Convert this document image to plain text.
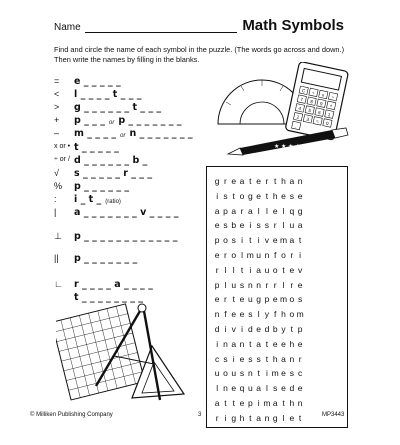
Name	Math Symbols
Find and circle the name of each symbol in the puzzle. (The words go across and down.) Then write the names by filling in the blanks.
=	e _ _ _ _ _
<	l _ _ _ _ t _ _ _
>	g _ _ _ _ _ _ t _ _ _
+	p _ _ _ or p _ _ _ _ _ _ _
–	m _ _ _ _ or n _ _ _ _ _ _ _
x or • t _ _ _ _ _
÷ or / d _ _ _ _ _ _ b _
√	s _ _ _ _ _ r _ _ _
%	p _ _ _ _ _ _
:	i _ t _ (ratio)
|	a _ _ _ _ _ _ _ v _ _ _ _
⊥	p _ _ _ _ _ _ _ _ _ _ _ _
||	p _ _ _ _ _ _ _
∟	r _ _ _ _ a _ _ _ _
t _ _ _ _ _ _ _ _
g r e a t e r t h a n
i s t o g e t h e s e
a p a r a l l e l q g
e s b e i s s r l u a
p o s i t i v e m a t
e r o l m u n f o r i
r l l t i a u o t e v
p l u s n n r r l r e
e r t e u g p e m o s
n f e e s l y f h o m
d i v i d e d b y t p
i n a n t a t e e h e
c s i e s s t h a n r
u o u s n t i m e s c
l n e q u a l s e d e
a t t e p i m a t h n
r i g h t a n g l e t
C ÷ x −
7 8 9 +
4 5 6 1
2 3 = 0
.
★ ★ ★ ★
© Milliken Publishing Company	3	MP3443
